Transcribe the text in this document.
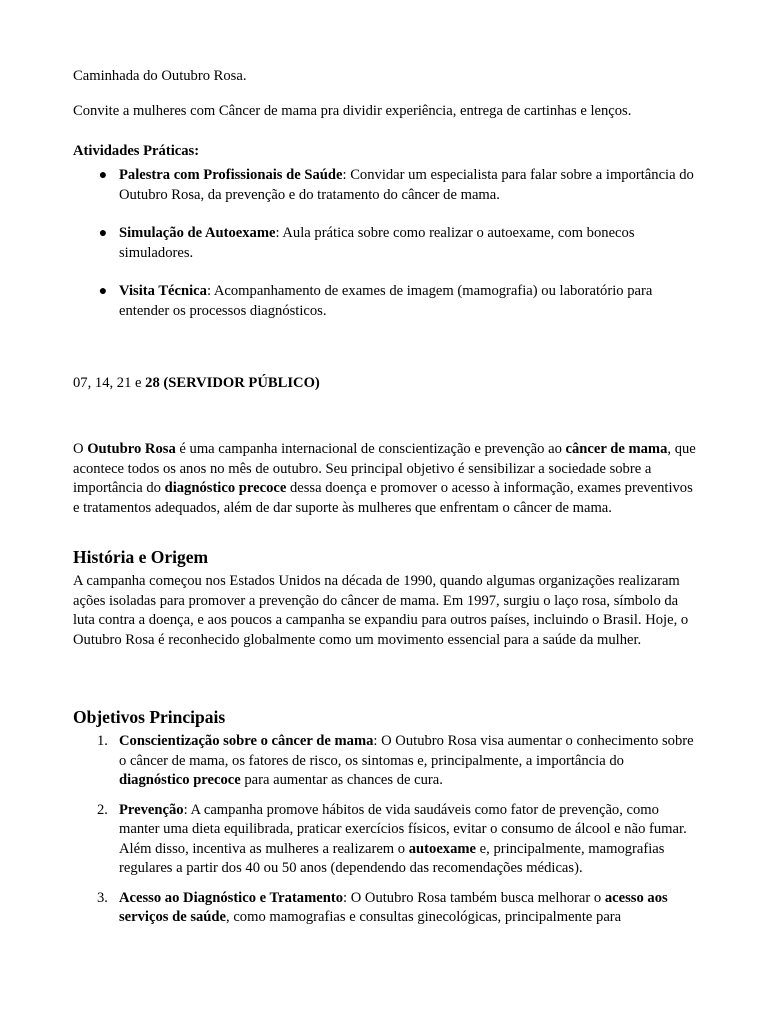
Caminhada do Outubro Rosa.

Convite a mulheres com Câncer de mama pra dividir experiência, entrega de cartinhas e lenços.

Atividades Práticas:

● Palestra com Profissionais de Saúde: Convidar um especialista para falar sobre a importância do Outubro Rosa, da prevenção e do tratamento do câncer de mama.
● Simulação de Autoexame: Aula prática sobre como realizar o autoexame, com bonecos simuladores.
● Visita Técnica: Acompanhamento de exames de imagem (mamografia) ou laboratório para entender os processos diagnósticos.

07, 14, 21 e 28 (SERVIDOR PÚBLICO)

O Outubro Rosa é uma campanha internacional de conscientização e prevenção ao câncer de mama, que acontece todos os anos no mês de outubro. Seu principal objetivo é sensibilizar a sociedade sobre a importância do diagnóstico precoce dessa doença e promover o acesso à informação, exames preventivos e tratamentos adequados, além de dar suporte às mulheres que enfrentam o câncer de mama.

História e Origem

A campanha começou nos Estados Unidos na década de 1990, quando algumas organizações realizaram ações isoladas para promover a prevenção do câncer de mama. Em 1997, surgiu o laço rosa, símbolo da luta contra a doença, e aos poucos a campanha se expandiu para outros países, incluindo o Brasil. Hoje, o Outubro Rosa é reconhecido globalmente como um movimento essencial para a saúde da mulher.

Objetivos Principais

1. Conscientização sobre o câncer de mama: O Outubro Rosa visa aumentar o conhecimento sobre o câncer de mama, os fatores de risco, os sintomas e, principalmente, a importância do diagnóstico precoce para aumentar as chances de cura.
2. Prevenção: A campanha promove hábitos de vida saudáveis como fator de prevenção, como manter uma dieta equilibrada, praticar exercícios físicos, evitar o consumo de álcool e não fumar. Além disso, incentiva as mulheres a realizarem o autoexame e, principalmente, mamografias regulares a partir dos 40 ou 50 anos (dependendo das recomendações médicas).
3. Acesso ao Diagnóstico e Tratamento: O Outubro Rosa também busca melhorar o acesso aos serviços de saúde, como mamografias e consultas ginecológicas, principalmente para
